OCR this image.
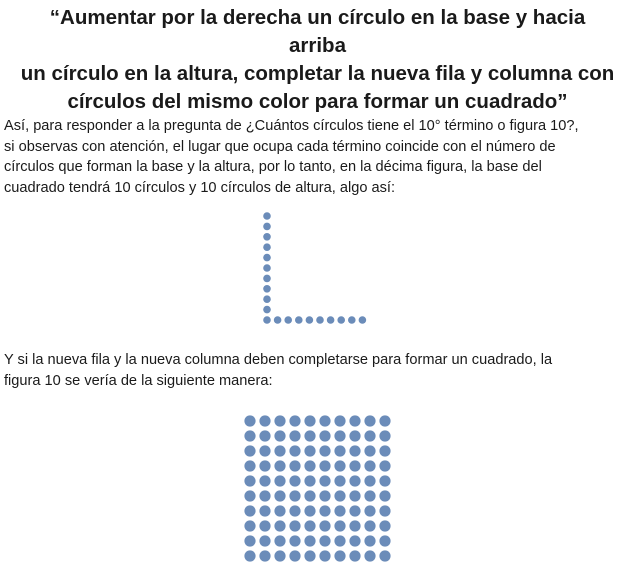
“Aumentar por la derecha un círculo en la base y hacia arriba
un círculo en la altura, completar la nueva fila y columna con
círculos del mismo color para formar un cuadrado”
Así, para responder a la pregunta de ¿Cuántos círculos tiene el 10° término o figura 10?,
si observas con atención, el lugar que ocupa cada término coincide con el número de
círculos que forman la base y la altura, por lo tanto, en la décima figura, la base del
cuadrado tendrá 10 círculos y 10 círculos de altura, algo así:
Y si la nueva fila y la nueva columna deben completarse para formar un cuadrado, la
figura 10 se vería de la siguiente manera:
